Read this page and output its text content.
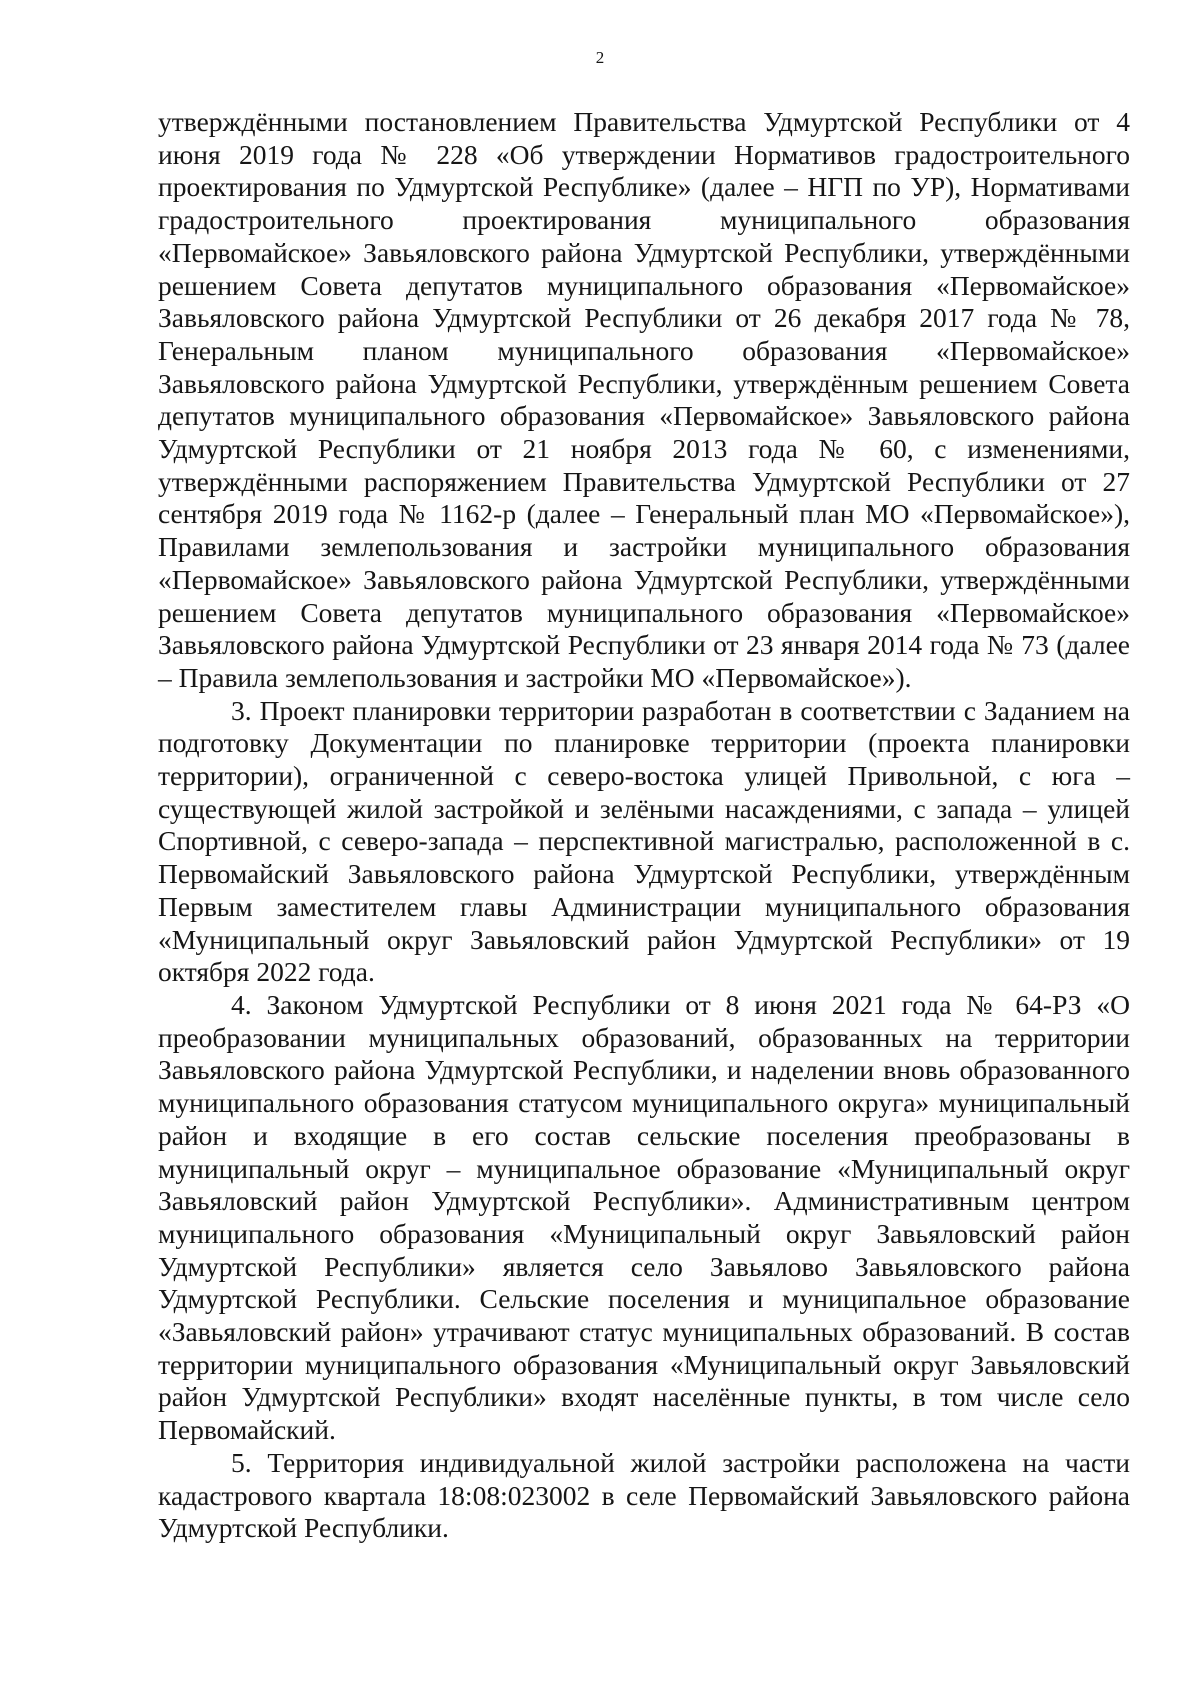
2

утверждёнными постановлением Правительства Удмуртской Республики от 4 июня 2019 года № 228 «Об утверждении Нормативов градостроительного проектирования по Удмуртской Республике» (далее – НГП по УР), Нормативами градостроительного проектирования муниципального образования «Первомайское» Завьяловского района Удмуртской Республики, утверждёнными решением Совета депутатов муниципального образования «Первомайское» Завьяловского района Удмуртской Республики от 26 декабря 2017 года № 78, Генеральным планом муниципального образования «Первомайское» Завьяловского района Удмуртской Республики, утверждённым решением Совета депутатов муниципального образования «Первомайское» Завьяловского района Удмуртской Республики от 21 ноября 2013 года № 60, с изменениями, утверждёнными распоряжением Правительства Удмуртской Республики от 27 сентября 2019 года № 1162-р (далее – Генеральный план МО «Первомайское»), Правилами землепользования и застройки муниципального образования «Первомайское» Завьяловского района Удмуртской Республики, утверждёнными решением Совета депутатов муниципального образования «Первомайское» Завьяловского района Удмуртской Республики от 23 января 2014 года № 73 (далее – Правила землепользования и застройки МО «Первомайское»).

3. Проект планировки территории разработан в соответствии с Заданием на подготовку Документации по планировке территории (проекта планировки территории), ограниченной с северо-востока улицей Привольной, с юга – существующей жилой застройкой и зелёными насаждениями, с запада – улицей Спортивной, с северо-запада – перспективной магистралью, расположенной в с. Первомайский Завьяловского района Удмуртской Республики, утверждённым Первым заместителем главы Администрации муниципального образования «Муниципальный округ Завьяловский район Удмуртской Республики» от 19 октября 2022 года.

4. Законом Удмуртской Республики от 8 июня 2021 года № 64-РЗ «О преобразовании муниципальных образований, образованных на территории Завьяловского района Удмуртской Республики, и наделении вновь образованного муниципального образования статусом муниципального округа» муниципальный район и входящие в его состав сельские поселения преобразованы в муниципальный округ – муниципальное образование «Муниципальный округ Завьяловский район Удмуртской Республики». Административным центром муниципального образования «Муниципальный округ Завьяловский район Удмуртской Республики» является село Завьялово Завьяловского района Удмуртской Республики. Сельские поселения и муниципальное образование «Завьяловский район» утрачивают статус муниципальных образований. В состав территории муниципального образования «Муниципальный округ Завьяловский район Удмуртской Республики» входят населённые пункты, в том числе село Первомайский.

5. Территория индивидуальной жилой застройки расположена на части кадастрового квартала 18:08:023002 в селе Первомайский Завьяловского района Удмуртской Республики.
